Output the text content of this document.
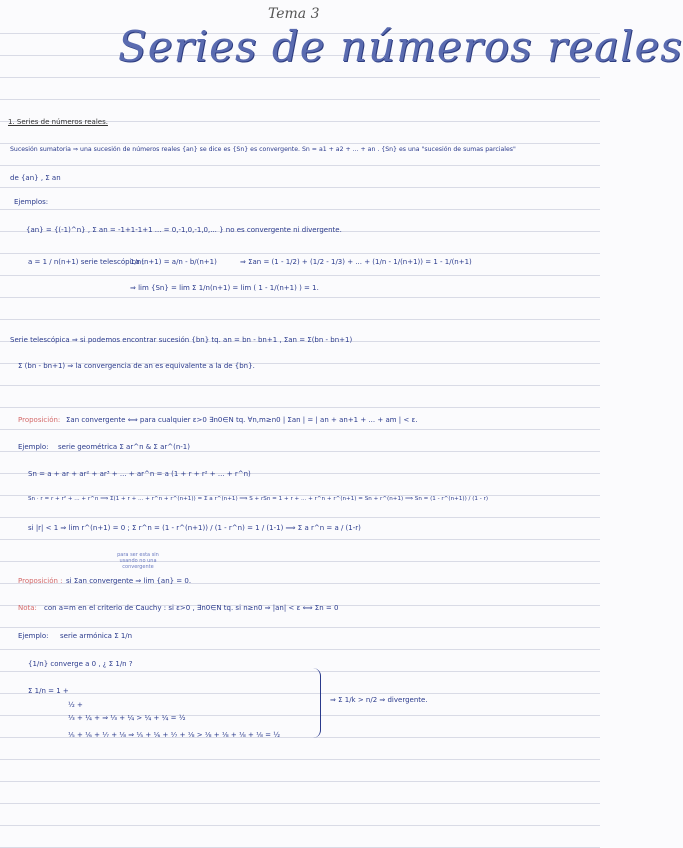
Tema 3
Series de números reales
1. Series de números reales.
Sucesión sumatoria ⇒ una sucesión de números reales {an} se dice es {Sn} es convergente. Sn = a1 + a2 + ... + an . {Sn} es una "sucesión de sumas parciales"
de {an} , Σ an
Ejemplos:
{an} = {(-1)^n} , Σ an = -1+1-1+1 ... = 0,-1,0,-1,0,... } no es convergente ni divergente.
a = 1 / n(n+1) serie telescópica :
1/n(n+1) = a/n - b/(n+1)	⇒ Σan = (1 - 1/2) + (1/2 - 1/3) + ... + (1/n - 1/(n+1)) = 1 - 1/(n+1)
⇒ lim {Sn} = lim Σ 1/n(n+1) = lim ( 1 - 1/(n+1) ) = 1.
Serie telescópica ⇒ si podemos encontrar sucesión {bn} tq. an = bn - bn+1 , Σan = Σ(bn - bn+1)
Σ (bn - bn+1) ⇒ la convergencia de an es equivalente a la de {bn}.
Proposición: Σan convergente ⟺ para cualquier ε>0 ∃n0∈N tq. ∀n,m≥n0 | Σan | = | an + an+1 + ... + am | < ε.
Ejemplo: serie geométrica Σ ar^n & Σ ar^(n-1)
Sn = a + ar + ar² + ar³ + ... + ar^n = a (1 + r + r² + ... + r^n)
Sn · r = r + r² + ... + r^n ⟹ Σ(1 + r + ... + r^n + r^(n+1)) = Σ a r^(n+1) ⟹ S + rSn = 1 + r + ... + r^n + r^(n+1) = Sn + r^(n+1) ⟹ Sn = (1 - r^(n+1)) / (1 - r)
si |r| < 1 ⇒ lim r^(n+1) = 0 ; Σ r^n = (1 - r^(n+1)) / (1 - r^n) = 1 / (1-1) ⟹ Σ a r^n = a / (1-r)
para ser esta sin usando no una convergente
Proposición : si Σan convergente ⇒ lim {an} = 0.
Nota: con a=m en el criterio de Cauchy : si ε>0 , ∃n0∈N tq. si n≥n0 ⇒ |an| < ε ⟺ Σn = 0
Ejemplo: serie armónica Σ 1/n
{1/n} converge a 0 , ¿ Σ 1/n ?
Σ 1/n = 1 +
½ +
⅓ + ¼ + ⇒ ⅓ + ¼ > ¼ + ¼ = ½
⅕ + ⅙ + ⅐ + ⅛ ⇒ ⅕ + ⅙ + ⅐ + ⅛ > ⅛ + ⅛ + ⅛ + ⅛ = ½
⇒ Σ 1/k > n/2 ⇒ divergente.
